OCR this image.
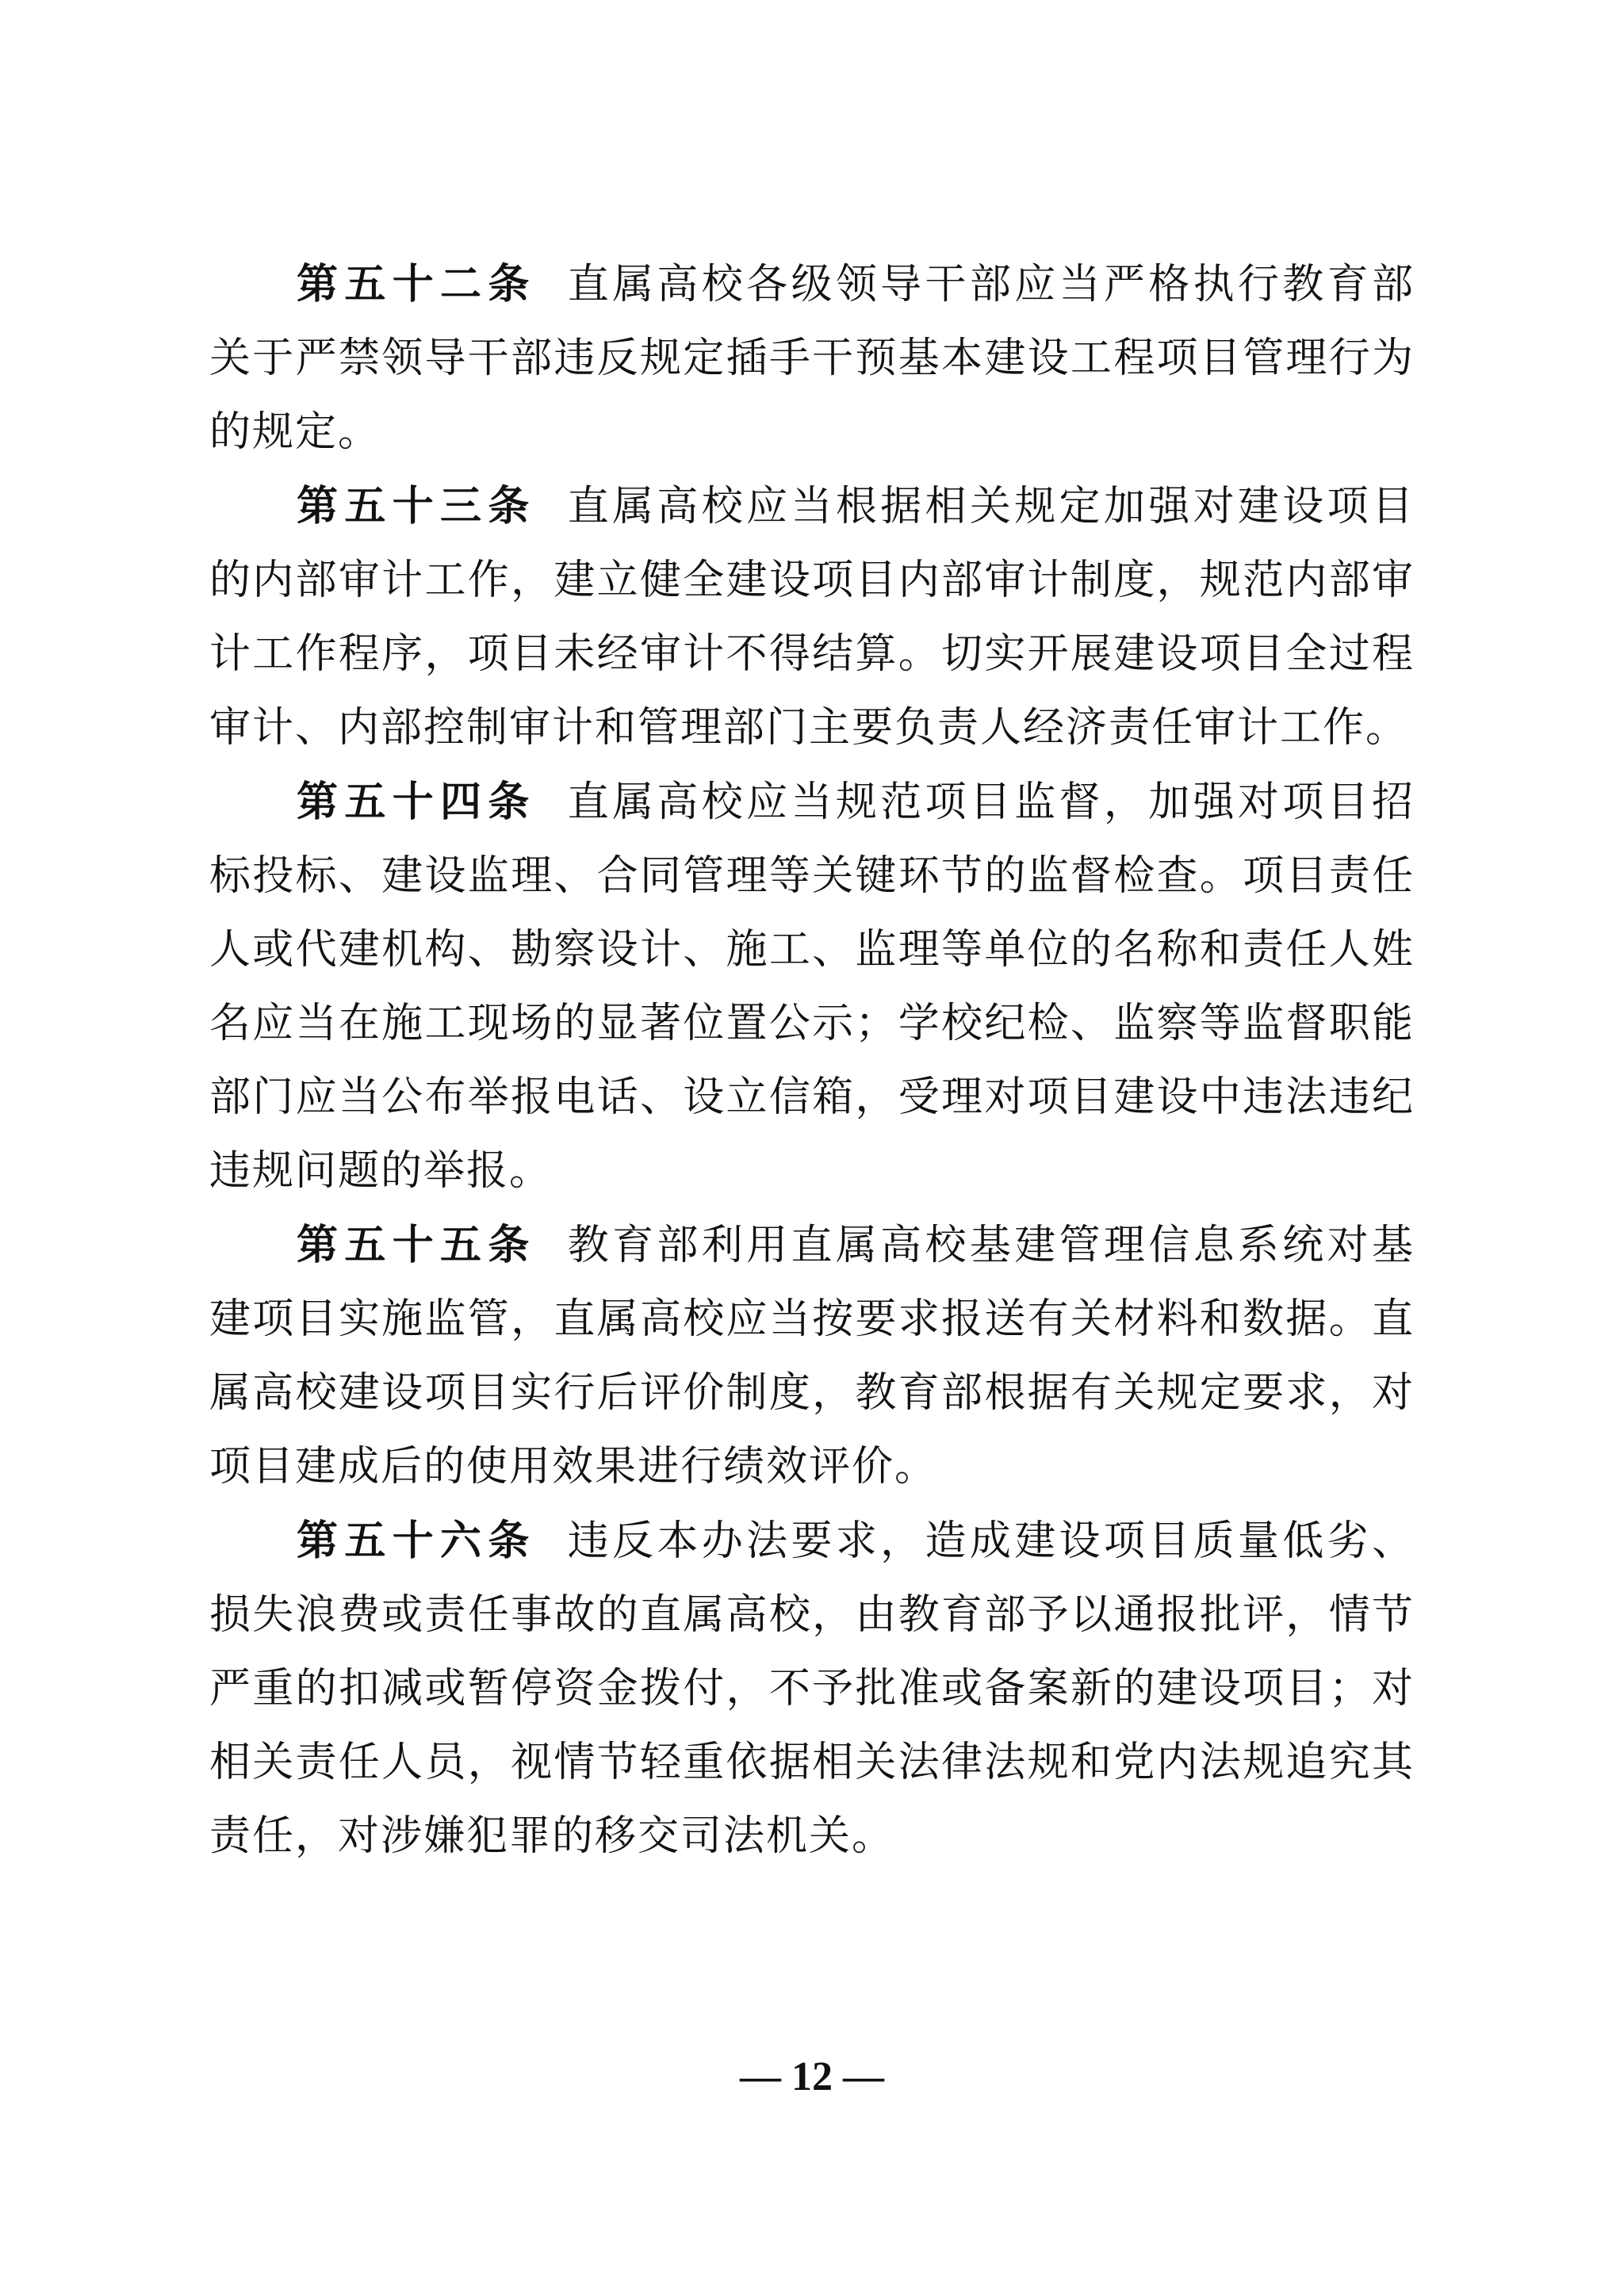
第五十二条 直属高校各级领导干部应当严格执行教育部关于严禁领导干部违反规定插手干预基本建设工程项目管理行为的规定。

第五十三条 直属高校应当根据相关规定加强对建设项目的内部审计工作，建立健全建设项目内部审计制度，规范内部审计工作程序，项目未经审计不得结算。切实开展建设项目全过程审计、内部控制审计和管理部门主要负责人经济责任审计工作。

第五十四条 直属高校应当规范项目监督，加强对项目招标投标、建设监理、合同管理等关键环节的监督检查。项目责任人或代建机构、勘察设计、施工、监理等单位的名称和责任人姓名应当在施工现场的显著位置公示；学校纪检、监察等监督职能部门应当公布举报电话、设立信箱，受理对项目建设中违法违纪违规问题的举报。

第五十五条 教育部利用直属高校基建管理信息系统对基建项目实施监管，直属高校应当按要求报送有关材料和数据。直属高校建设项目实行后评价制度，教育部根据有关规定要求，对项目建成后的使用效果进行绩效评价。

第五十六条 违反本办法要求，造成建设项目质量低劣、损失浪费或责任事故的直属高校，由教育部予以通报批评，情节严重的扣减或暂停资金拨付，不予批准或备案新的建设项目；对相关责任人员，视情节轻重依据相关法律法规和党内法规追究其责任，对涉嫌犯罪的移交司法机关。

— 12 —
